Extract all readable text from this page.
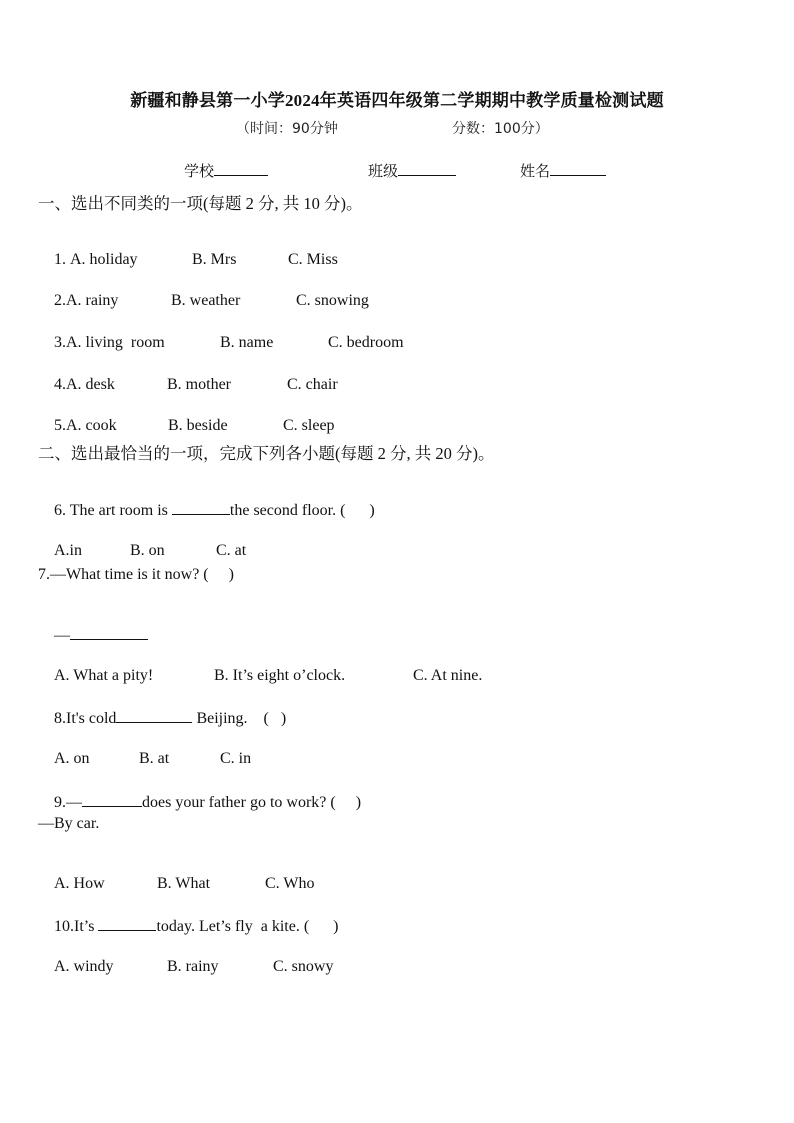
新疆和静县第一小学2024年英语四年级第二学期期中教学质量检测试题
（时间：90分钟	分数：100分）
学校	班级	姓名
一、选出不同类的一项(每题 2 分, 共 10 分)。

1. A. holiday	B. Mrs	C. Miss

2.A. rainy	B. weather	C. snowing

3.A. living  room	B. name	C. bedroom

4.A. desk	B. mother	C. chair

5.A. cook	B. beside	C. sleep

二、选出最恰当的一项，完成下列各小题(每题 2 分, 共 20 分)。

6. The art room is	the second floor. (      )

A.in	B. on	C. at

7.—What time is it now? (     )

—

A. What a pity!	B. It’s eight o’clock.	C. At nine.

8.It's cold	Beijing.    (   )

A. on	B. at	C. in

9.—	does your father go to work? (     )

—By car.

A. How	B. What	C. Who

10.It’s	today. Let’s fly  a kite. (      )

A. windy	B. rainy	C. snowy
